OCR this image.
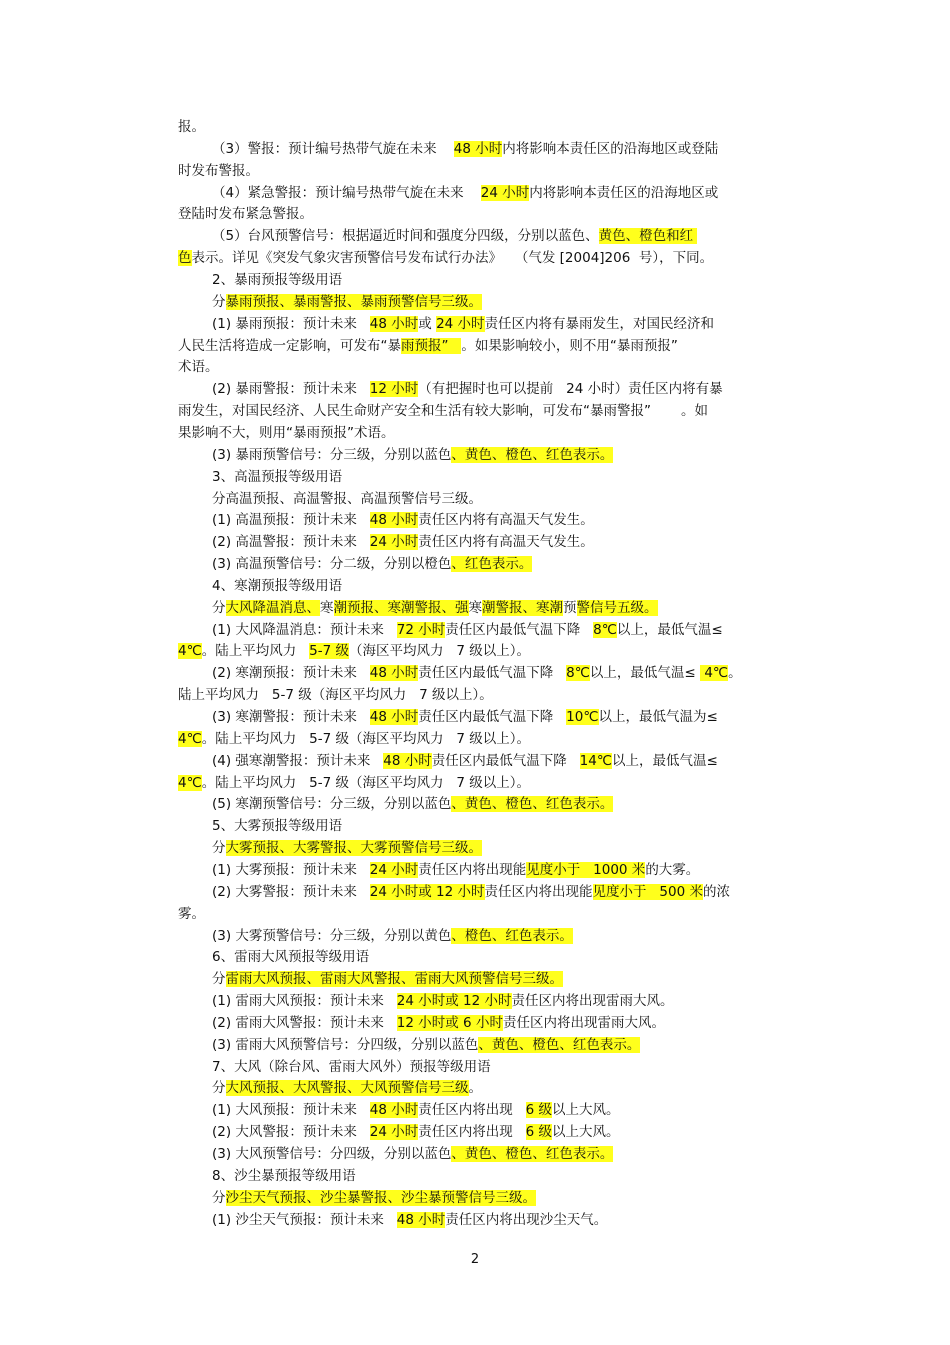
报。
（3）警报：预计编号热带气旋在未来    48 小时内将影响本责任区的沿海地区或登陆
时发布警报。
（4）紧急警报：预计编号热带气旋在未来    24 小时内将影响本责任区的沿海地区或
登陆时发布紧急警报。
（5）台风预警信号：根据逼近时间和强度分四级，分别以蓝色、黄色、橙色和红
色表示。详见《突发气象灾害预警信号发布试行办法》   （气发 [2004]206  号），下同。
2、暴雨预报等级用语
分暴雨预报、暴雨警报、暴雨预警信号三级。
(1) 暴雨预报：预计未来   48 小时或 24 小时责任区内将有暴雨发生，对国民经济和
人民生活将造成一定影响，可发布“暴雨预报”   。如果影响较小，则不用“暴雨预报”
术语。
(2) 暴雨警报：预计未来   12 小时（有把握时也可以提前   24 小时）责任区内将有暴
雨发生，对国民经济、人民生命财产安全和生活有较大影响，可发布“暴雨警报”       。如
果影响不大，则用“暴雨预报”术语。
(3) 暴雨预警信号：分三级，分别以蓝色、黄色、橙色、红色表示。
3、高温预报等级用语
分高温预报、高温警报、高温预警信号三级。
(1) 高温预报：预计未来   48 小时责任区内将有高温天气发生。
(2) 高温警报：预计未来   24 小时责任区内将有高温天气发生。
(3) 高温预警信号：分二级，分别以橙色、红色表示。
4、寒潮预报等级用语
分大风降温消息、寒潮预报、寒潮警报、强寒潮警报、寒潮预警信号五级。
(1) 大风降温消息：预计未来   72 小时责任区内最低气温下降   8℃以上，最低气温≤
4℃。陆上平均风力   5-7 级（海区平均风力   7 级以上）。
(2) 寒潮预报：预计未来   48 小时责任区内最低气温下降   8℃以上，最低气温≤  4℃。
陆上平均风力   5-7 级（海区平均风力   7 级以上）。
(3) 寒潮警报：预计未来   48 小时责任区内最低气温下降   10℃以上，最低气温为≤
4℃。陆上平均风力   5-7 级（海区平均风力   7 级以上）。
(4) 强寒潮警报：预计未来   48 小时责任区内最低气温下降   14℃以上，最低气温≤
4℃。陆上平均风力   5-7 级（海区平均风力   7 级以上）。
(5) 寒潮预警信号：分三级，分别以蓝色、黄色、橙色、红色表示。
5、大雾预报等级用语
分大雾预报、大雾警报、大雾预警信号三级。
(1) 大雾预报：预计未来   24 小时责任区内将出现能见度小于   1000 米的大雾。
(2) 大雾警报：预计未来   24 小时或 12 小时责任区内将出现能见度小于   500 米的浓
雾。
(3) 大雾预警信号：分三级，分别以黄色、橙色、红色表示。
6、雷雨大风预报等级用语
分雷雨大风预报、雷雨大风警报、雷雨大风预警信号三级。
(1) 雷雨大风预报：预计未来   24 小时或 12 小时责任区内将出现雷雨大风。
(2) 雷雨大风警报：预计未来   12 小时或 6 小时责任区内将出现雷雨大风。
(3) 雷雨大风预警信号：分四级，分别以蓝色、黄色、橙色、红色表示。
7、大风（除台风、雷雨大风外）预报等级用语
分大风预报、大风警报、大风预警信号三级。
(1) 大风预报：预计未来   48 小时责任区内将出现   6 级以上大风。
(2) 大风警报：预计未来   24 小时责任区内将出现   6 级以上大风。
(3) 大风预警信号：分四级，分别以蓝色、黄色、橙色、红色表示。
8、沙尘暴预报等级用语
分沙尘天气预报、沙尘暴警报、沙尘暴预警信号三级。
(1) 沙尘天气预报：预计未来   48 小时责任区内将出现沙尘天气。
2
